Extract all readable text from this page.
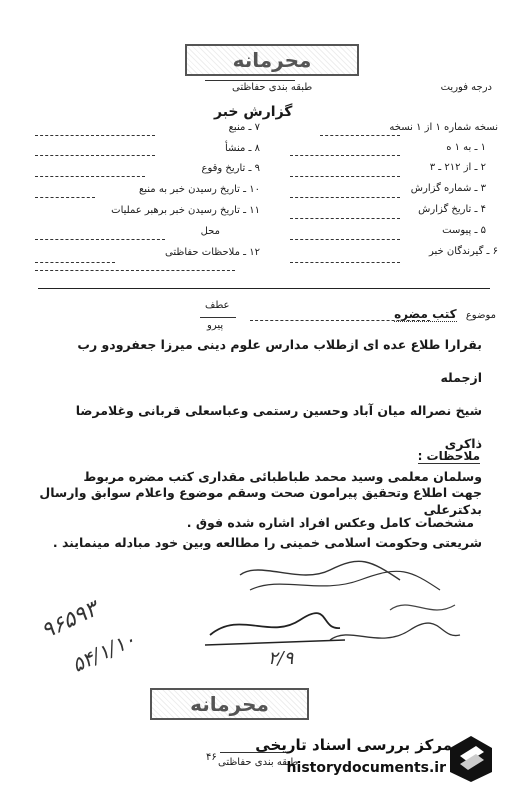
محرمانه
درجه فوریت
طبقه بندی حفاظتی
گزارش خبر
نسخه شماره ۱ از ۱ نسخه
۱ ـ به ۱ ه
۲ ـ از ۲۱۲ ـ ۳
۳ ـ شماره گزارش
۴ ـ تاریخ گزارش
۵ ـ پیوست
۶ ـ گیرندگان خبر
۷ ـ منبع
۸ ـ منشأ
۹ ـ تاریخ وقوع
۱۰ ـ تاریخ رسیدن خبر به منبع
۱۱ ـ تاریخ رسیدن خبر برهبر عملیات
محل
۱۲ ـ ملاحظات حفاظتی
موضوع کتب مضره
عطف
پیرو
بقرارا طلاع عده ای ازطلاب مدارس علوم دینی میرزا جعفرودو رب ازجمله
شیخ نصراله میان آباد وحسین رستمی وعباسعلی قربانی وغلامرضا ذاکری
وسلمان معلمی وسید محمد طباطبائی مقداری کتب مضره مربوط بدکترعلی
شریعتی وحکومت اسلامی خمینی را مطالعه وبین خود مبادله مینمایند .
ملاحظات :
جهت اطلاع وتحقیق پیرامون صحت وسقم موضوع واعلام سوابق وارسال
مشخصات کامل وعکس افراد اشاره شده فوق .
۹۶۵۹۳
۵۴/۱/۱۰	۲/۹
محرمانه
۴۶ طبقه بندی حفاظتی
مرکز بررسی اسناد تاریخی
historydocuments.ir
